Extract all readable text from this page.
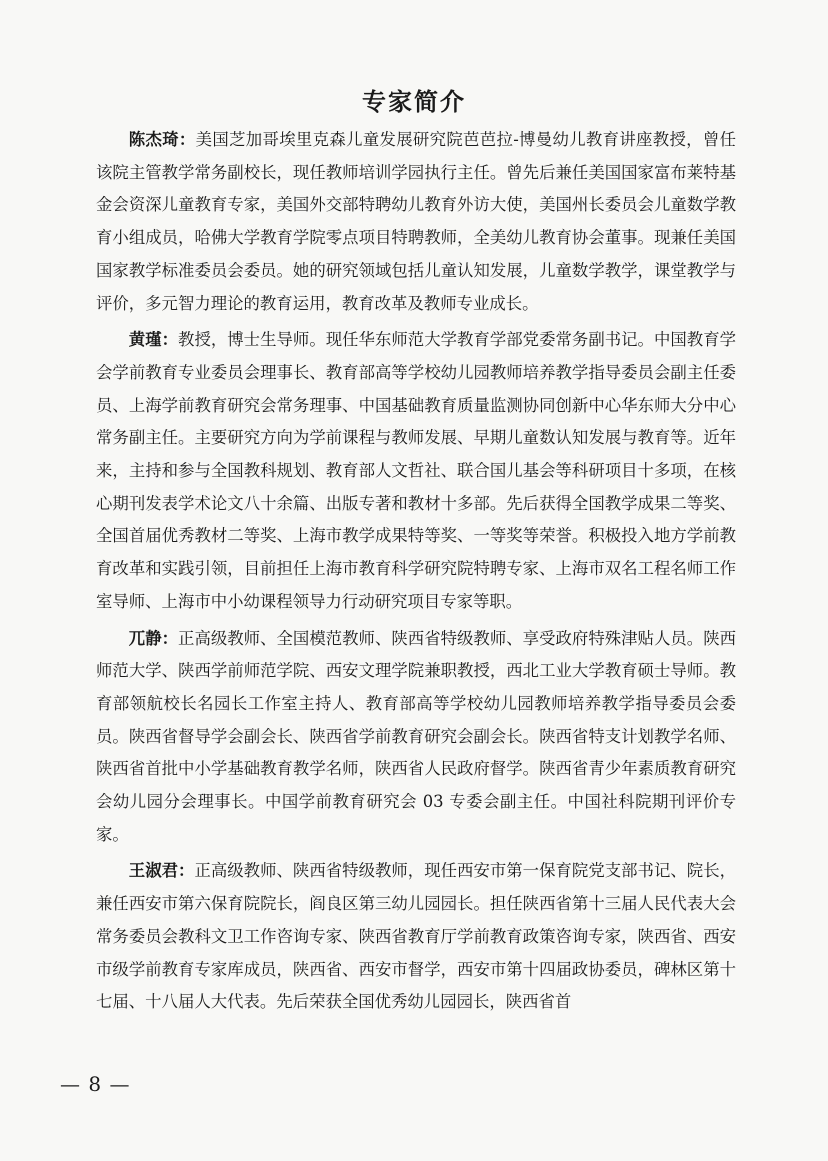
专家简介

陈杰琦：美国芝加哥埃里克森儿童发展研究院芭芭拉-博曼幼儿教育讲座教授，曾任该院主管教学常务副校长，现任教师培训学园执行主任。曾先后兼任美国国家富布莱特基金会资深儿童教育专家，美国外交部特聘幼儿教育外访大使，美国州长委员会儿童数学教育小组成员，哈佛大学教育学院零点项目特聘教师，全美幼儿教育协会董事。现兼任美国国家教学标准委员会委员。她的研究领域包括儿童认知发展，儿童数学教学，课堂教学与评价，多元智力理论的教育运用，教育改革及教师专业成长。

黄瑾：教授，博士生导师。现任华东师范大学教育学部党委常务副书记。中国教育学会学前教育专业委员会理事长、教育部高等学校幼儿园教师培养教学指导委员会副主任委员、上海学前教育研究会常务理事、中国基础教育质量监测协同创新中心华东师大分中心常务副主任。主要研究方向为学前课程与教师发展、早期儿童数认知发展与教育等。近年来，主持和参与全国教科规划、教育部人文哲社、联合国儿基会等科研项目十多项，在核心期刊发表学术论文八十余篇、出版专著和教材十多部。先后获得全国教学成果二等奖、全国首届优秀教材二等奖、上海市教学成果特等奖、一等奖等荣誉。积极投入地方学前教育改革和实践引领，目前担任上海市教育科学研究院特聘专家、上海市双名工程名师工作室导师、上海市中小幼课程领导力行动研究项目专家等职。

兀静：正高级教师、全国模范教师、陕西省特级教师、享受政府特殊津贴人员。陕西师范大学、陕西学前师范学院、西安文理学院兼职教授，西北工业大学教育硕士导师。教育部领航校长名园长工作室主持人、教育部高等学校幼儿园教师培养教学指导委员会委员。陕西省督导学会副会长、陕西省学前教育研究会副会长。陕西省特支计划教学名师、陕西省首批中小学基础教育教学名师，陕西省人民政府督学。陕西省青少年素质教育研究会幼儿园分会理事长。中国学前教育研究会 03 专委会副主任。中国社科院期刊评价专家。

王淑君：正高级教师、陕西省特级教师，现任西安市第一保育院党支部书记、院长，兼任西安市第六保育院院长，阎良区第三幼儿园园长。担任陕西省第十三届人民代表大会常务委员会教科文卫工作咨询专家、陕西省教育厅学前教育政策咨询专家，陕西省、西安市级学前教育专家库成员，陕西省、西安市督学，西安市第十四届政协委员，碑林区第十七届、十八届人大代表。先后荣获全国优秀幼儿园园长，陕西省首

— 8 —
